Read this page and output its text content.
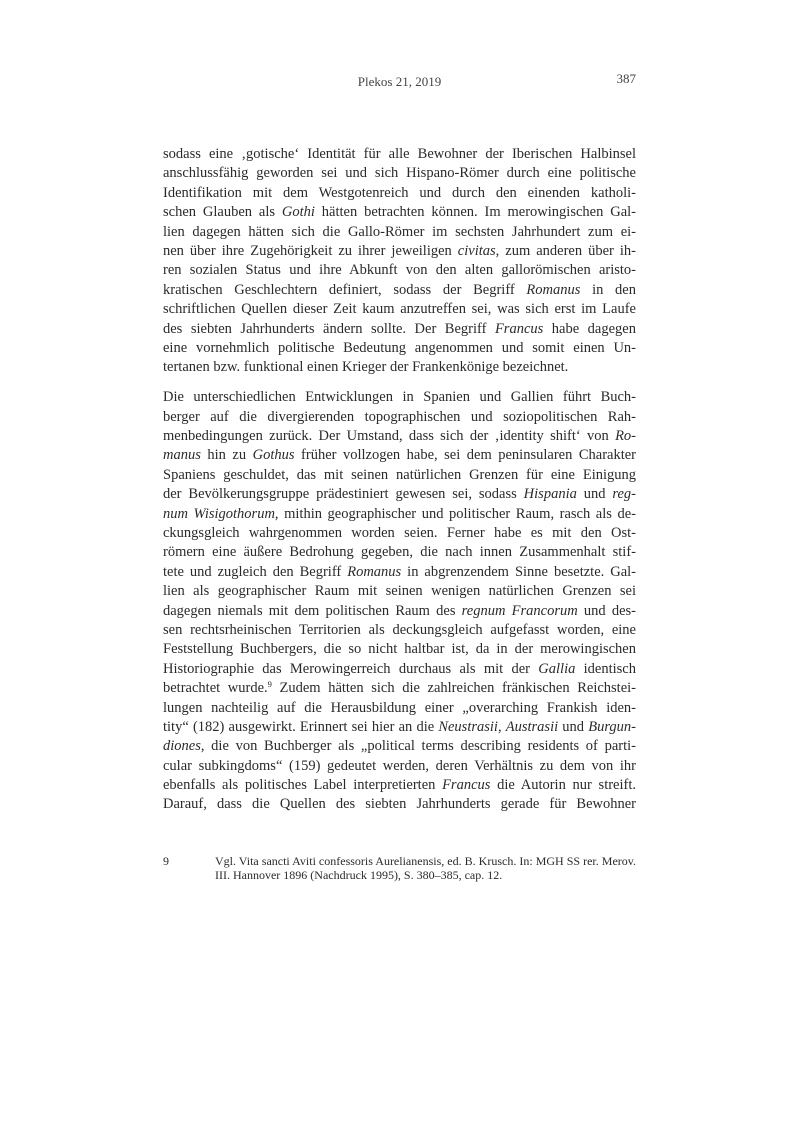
Plekos 21, 2019	387
sodass eine ‚gotische‘ Identität für alle Bewohner der Iberischen Halbinsel
anschlussfähig geworden sei und sich Hispano-Römer durch eine politische
Identifikation mit dem Westgotenreich und durch den einenden katholi-
schen Glauben als Gothi hätten betrachten können. Im merowingischen Gal-
lien dagegen hätten sich die Gallo-Römer im sechsten Jahrhundert zum ei-
nen über ihre Zugehörigkeit zu ihrer jeweiligen civitas, zum anderen über ih-
ren sozialen Status und ihre Abkunft von den alten gallorömischen aristo-
kratischen Geschlechtern definiert, sodass der Begriff Romanus in den
schriftlichen Quellen dieser Zeit kaum anzutreffen sei, was sich erst im Laufe
des siebten Jahrhunderts ändern sollte. Der Begriff Francus habe dagegen
eine vornehmlich politische Bedeutung angenommen und somit einen Un-
tertanen bzw. funktional einen Krieger der Frankenkönige bezeichnet.
Die unterschiedlichen Entwicklungen in Spanien und Gallien führt Buch-
berger auf die divergierenden topographischen und soziopolitischen Rah-
menbedingungen zurück. Der Umstand, dass sich der ‚identity shift‘ von Ro-
manus hin zu Gothus früher vollzogen habe, sei dem peninsularen Charakter
Spaniens geschuldet, das mit seinen natürlichen Grenzen für eine Einigung
der Bevölkerungsgruppe prädestiniert gewesen sei, sodass Hispania und reg-
num Wisigothorum, mithin geographischer und politischer Raum, rasch als de-
ckungsgleich wahrgenommen worden seien. Ferner habe es mit den Ost-
römern eine äußere Bedrohung gegeben, die nach innen Zusammenhalt stif-
tete und zugleich den Begriff Romanus in abgrenzendem Sinne besetzte. Gal-
lien als geographischer Raum mit seinen wenigen natürlichen Grenzen sei
dagegen niemals mit dem politischen Raum des regnum Francorum und des-
sen rechtsrheinischen Territorien als deckungsgleich aufgefasst worden, eine
Feststellung Buchbergers, die so nicht haltbar ist, da in der merowingischen
Historiographie das Merowingerreich durchaus als mit der Gallia identisch
betrachtet wurde.$^9$ Zudem hätten sich die zahlreichen fränkischen Reichstei-
lungen nachteilig auf die Herausbildung einer „overarching Frankish iden-
tity“ (182) ausgewirkt. Erinnert sei hier an die Neustrasii, Austrasii und Burgun-
diones, die von Buchberger als „political terms describing residents of parti-
cular subkingdoms“ (159) gedeutet werden, deren Verhältnis zu dem von ihr
ebenfalls als politisches Label interpretierten Francus die Autorin nur streift.
Darauf, dass die Quellen des siebten Jahrhunderts gerade für Bewohner
9	Vgl. Vita sancti Aviti confessoris Aurelianensis, ed. B. Krusch. In: MGH SS rer. Merov. III. Hannover 1896 (Nachdruck 1995), S. 380–385, cap. 12.
